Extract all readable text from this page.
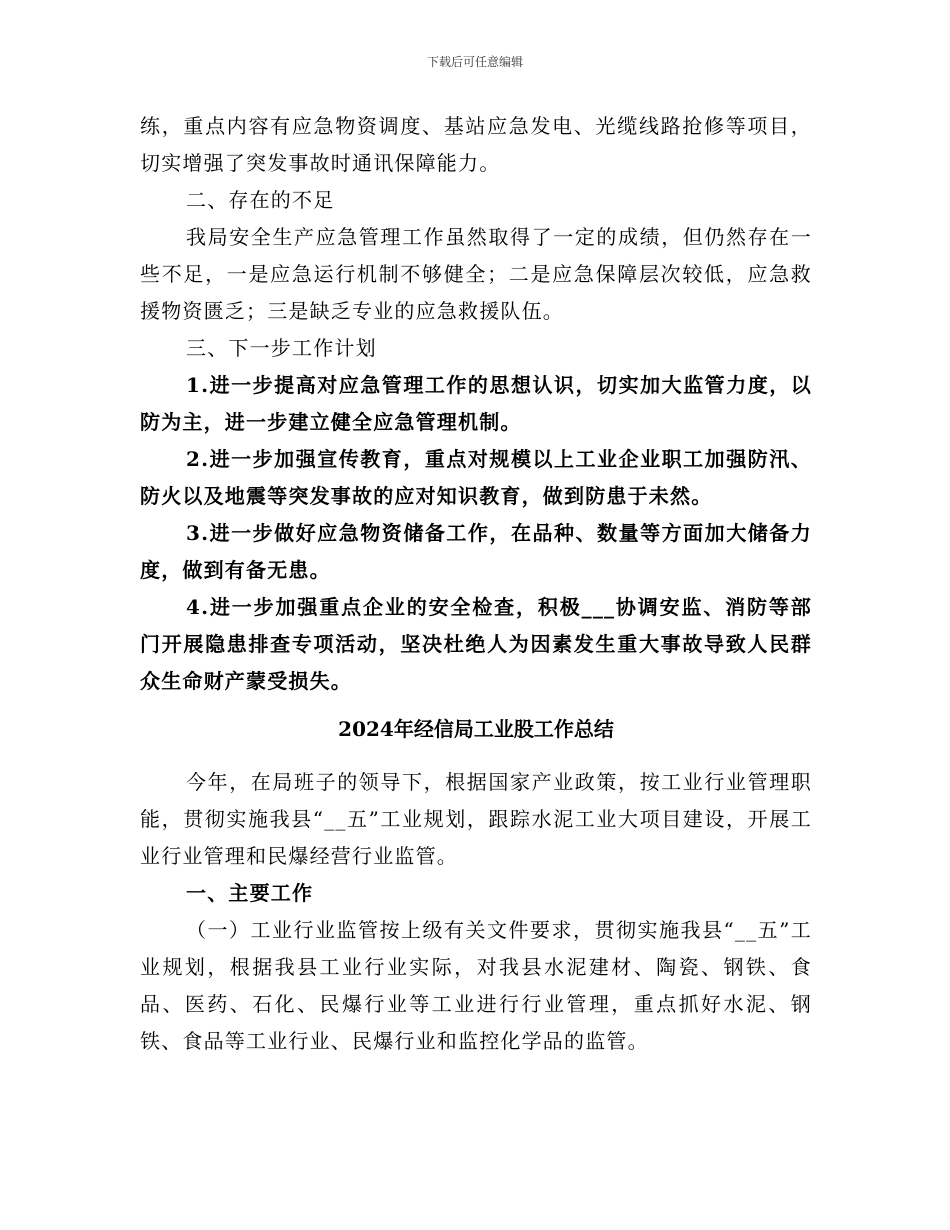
下载后可任意编辑

练，重点内容有应急物资调度、基站应急发电、光缆线路抢修等项目，切实增强了突发事故时通讯保障能力。

二、存在的不足

我局安全生产应急管理工作虽然取得了一定的成绩，但仍然存在一些不足，一是应急运行机制不够健全；二是应急保障层次较低，应急救援物资匮乏；三是缺乏专业的应急救援队伍。

三、下一步工作计划

1.进一步提高对应急管理工作的思想认识，切实加大监管力度，以防为主，进一步建立健全应急管理机制。

2.进一步加强宣传教育，重点对规模以上工业企业职工加强防汛、防火以及地震等突发事故的应对知识教育，做到防患于未然。

3.进一步做好应急物资储备工作，在品种、数量等方面加大储备力度，做到有备无患。

4.进一步加强重点企业的安全检查，积极___协调安监、消防等部门开展隐患排查专项活动，坚决杜绝人为因素发生重大事故导致人民群众生命财产蒙受损失。

2024年经信局工业股工作总结

今年，在局班子的领导下，根据国家产业政策，按工业行业管理职能，贯彻实施我县“__五”工业规划，跟踪水泥工业大项目建设，开展工业行业管理和民爆经营行业监管。

一、主要工作

（一）工业行业监管按上级有关文件要求，贯彻实施我县“__五”工业规划，根据我县工业行业实际，对我县水泥建材、陶瓷、钢铁、食品、医药、石化、民爆行业等工业进行行业管理，重点抓好水泥、钢铁、食品等工业行业、民爆行业和监控化学品的监管。
